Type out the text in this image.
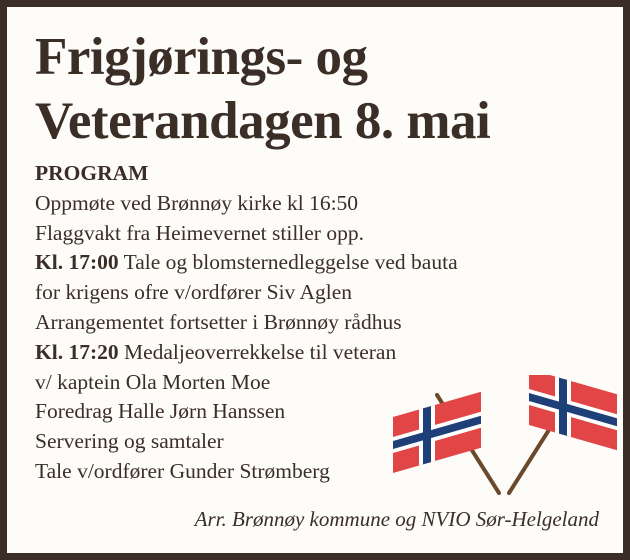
Frigjørings- og
Veterandagen 8. mai
PROGRAM
Oppmøte ved Brønnøy kirke kl 16:50
Flaggvakt fra Heimevernet stiller opp.
Kl. 17:00 Tale og blomsternedleggelse ved bauta
for krigens ofre v/ordfører Siv Aglen
Arrangementet fortsetter i Brønnøy rådhus
Kl. 17:20 Medaljeoverrekkelse til veteran
v/ kaptein Ola Morten Moe
Foredrag Halle Jørn Hanssen
Servering og samtaler
Tale v/ordfører Gunder Strømberg
Arr. Brønnøy kommune og NVIO Sør-Helgeland
